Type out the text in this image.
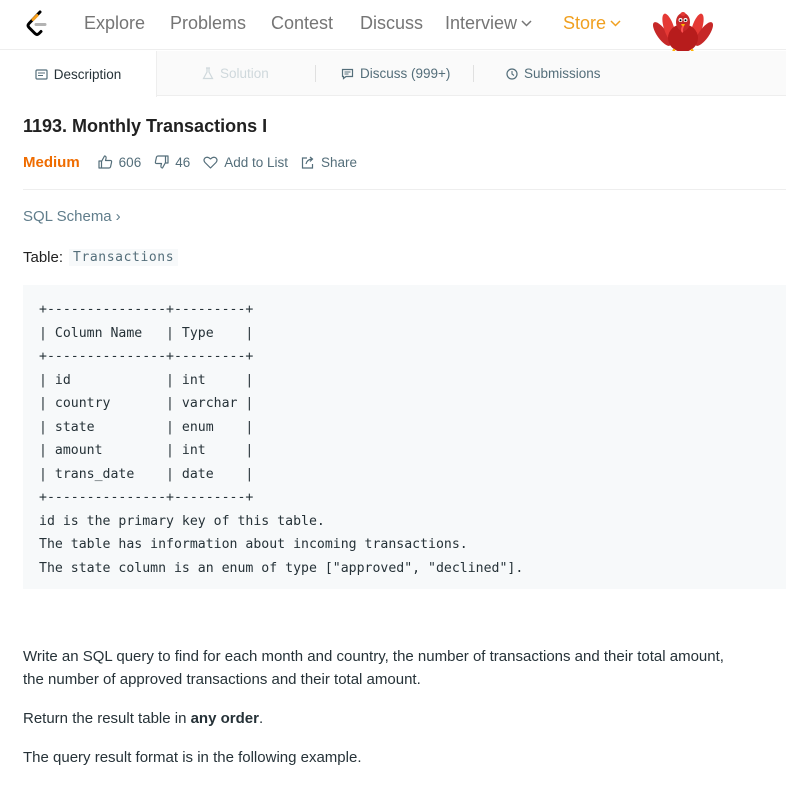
Explore Problems Contest Discuss Interview	Store
Description	Solution	Discuss (999+)	Submissions
1193. Monthly Transactions I
Medium	606	46	Add to List Share
SQL Schema ›
Table: Transactions
+---------------+---------+
| Column Name   | Type    |
+---------------+---------+
| id            | int     |
| country       | varchar |
| state         | enum    |
| amount        | int     |
| trans_date    | date    |
+---------------+---------+
id is the primary key of this table.
The table has information about incoming transactions.
The state column is an enum of type ["approved", "declined"].
Write an SQL query to find for each month and country, the number of transactions and their total amount,
the number of approved transactions and their total amount.
Return the result table in any order.
The query result format is in the following example.
